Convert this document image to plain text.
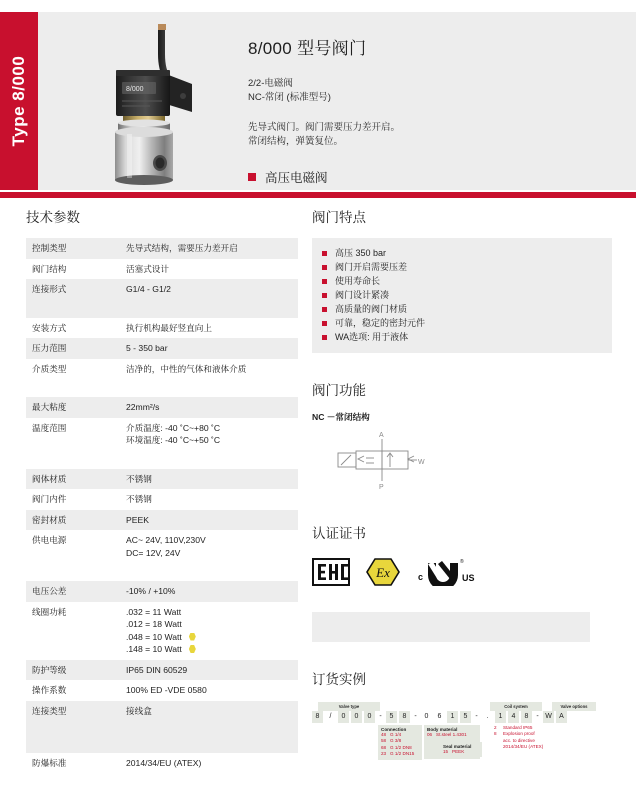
Type 8/000	8/000
8/000 型号阀门
2/2-电磁阀
NC-常闭 (标准型号)
先导式阀门。阀门需要压力差开启。
常闭结构，弹簧复位。
高压电磁阀
技术参数
控制类型	先导式结构，需要压力差开启

阀门结构	活塞式设计

连接形式	G1/4 - G1/2

安装方式	执行机构最好竖直向上

压力范围	5 - 350 bar

介质类型	洁净的，中性的气体和液体介质

最大粘度	22mm²/s

温度范围	介质温度: -40 ˚C~+80 ˚C
环境温度: -40 ˚C~+50 ˚C

阀体材质	不锈钢

阀门内件	不锈钢

密封材质	PEEK

供电电源	AC~ 24V, 110V,230V
DC= 12V, 24V

电压公差	-10% / +10%

线圈功耗	.032 = 11 Watt
.012 = 18 Watt
.048 = 10 Watt
.148 = 10 Watt

防护等级	IP65 DIN 60529

操作系数	100% ED -VDE 0580

连接类型	接线盒

防爆标准	2014/34/EU (ATEX)
阀门特点
高压 350 bar
阀门开启需要压差
使用寿命长
阀门设计紧凑
高质量的阀门材质
可靠，稳定的密封元件
WA选项: 用于液体
阀门功能
NC －常闭结构
A
P
W
认证证书
Εx	c
®
US
订货实例
Valve type	Coil system	Valve options
8	/	0	0	0	-	5	8	-	0	6	1	5	-	.	1	4	8	- W	A
Connection
48 G 1/4
58 G 3/8
68 G 1/2 DN8
23 G 1/2 DN15
Body material
06 St.steel 1.4301
Seal material
15 PEEK
2 Standard IP65
8 Explosion proof
acc. to directive
2014/34/EU (ATEX)
